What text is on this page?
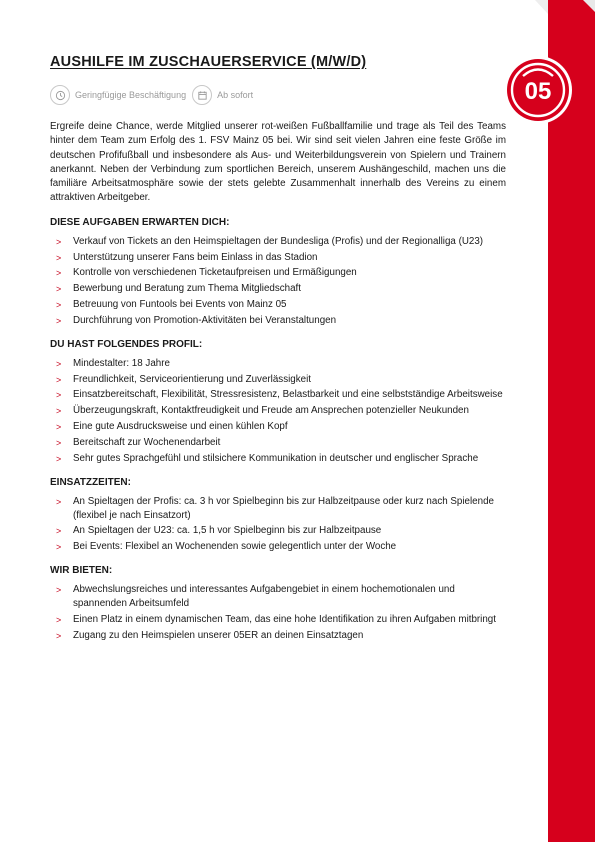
05
AUSHILFE IM ZUSCHAUERSERVICE (M/W/D)
Geringfügige Beschäftigung	Ab sofort

Ergreife deine Chance, werde Mitglied unserer rot-weißen Fußballfamilie und trage als Teil des Teams hinter dem Team zum Erfolg des 1. FSV Mainz 05 bei. Wir sind seit vielen Jahren eine feste Größe im deutschen Profifußball und insbesondere als Aus- und Weiterbildungsverein von Spielern und Trainern anerkannt. Neben der Verbindung zum sportlichen Bereich, unserem Aushängeschild, machen uns die familiäre Arbeitsatmosphäre sowie der stets gelebte Zusammenhalt innerhalb des Vereins zu einem attraktiven Arbeitgeber.

DIESE AUFGABEN ERWARTEN DICH:
> Verkauf von Tickets an den Heimspieltagen der Bundesliga (Profis) und der Regionalliga (U23)
> Unterstützung unserer Fans beim Einlass in das Stadion
> Kontrolle von verschiedenen Ticketaufpreisen und Ermäßigungen
> Bewerbung und Beratung zum Thema Mitgliedschaft
> Betreuung von Funtools bei Events von Mainz 05
> Durchführung von Promotion-Aktivitäten bei Veranstaltungen
DU HAST FOLGENDES PROFIL:
> Mindestalter: 18 Jahre
> Freundlichkeit, Serviceorientierung und Zuverlässigkeit
> Einsatzbereitschaft, Flexibilität, Stressresistenz, Belastbarkeit und eine selbstständige Arbeitsweise
> Überzeugungskraft, Kontaktfreudigkeit und Freude am Ansprechen potenzieller Neukunden
> Eine gute Ausdrucksweise und einen kühlen Kopf
> Bereitschaft zur Wochenendarbeit
> Sehr gutes Sprachgefühl und stilsichere Kommunikation in deutscher und englischer Sprache
EINSATZZEITEN:
> An Spieltagen der Profis: ca. 3 h vor Spielbeginn bis zur Halbzeitpause oder kurz nach Spielende (flexibel je nach Einsatzort)
> An Spieltagen der U23: ca. 1,5 h vor Spielbeginn bis zur Halbzeitpause
> Bei Events: Flexibel an Wochenenden sowie gelegentlich unter der Woche
WIR BIETEN:
> Abwechslungsreiches und interessantes Aufgabengebiet in einem hochemotionalen und spannenden Arbeitsumfeld
> Einen Platz in einem dynamischen Team, das eine hohe Identifikation zu ihren Aufgaben mitbringt
> Zugang zu den Heimspielen unserer 05ER an deinen Einsatztagen
